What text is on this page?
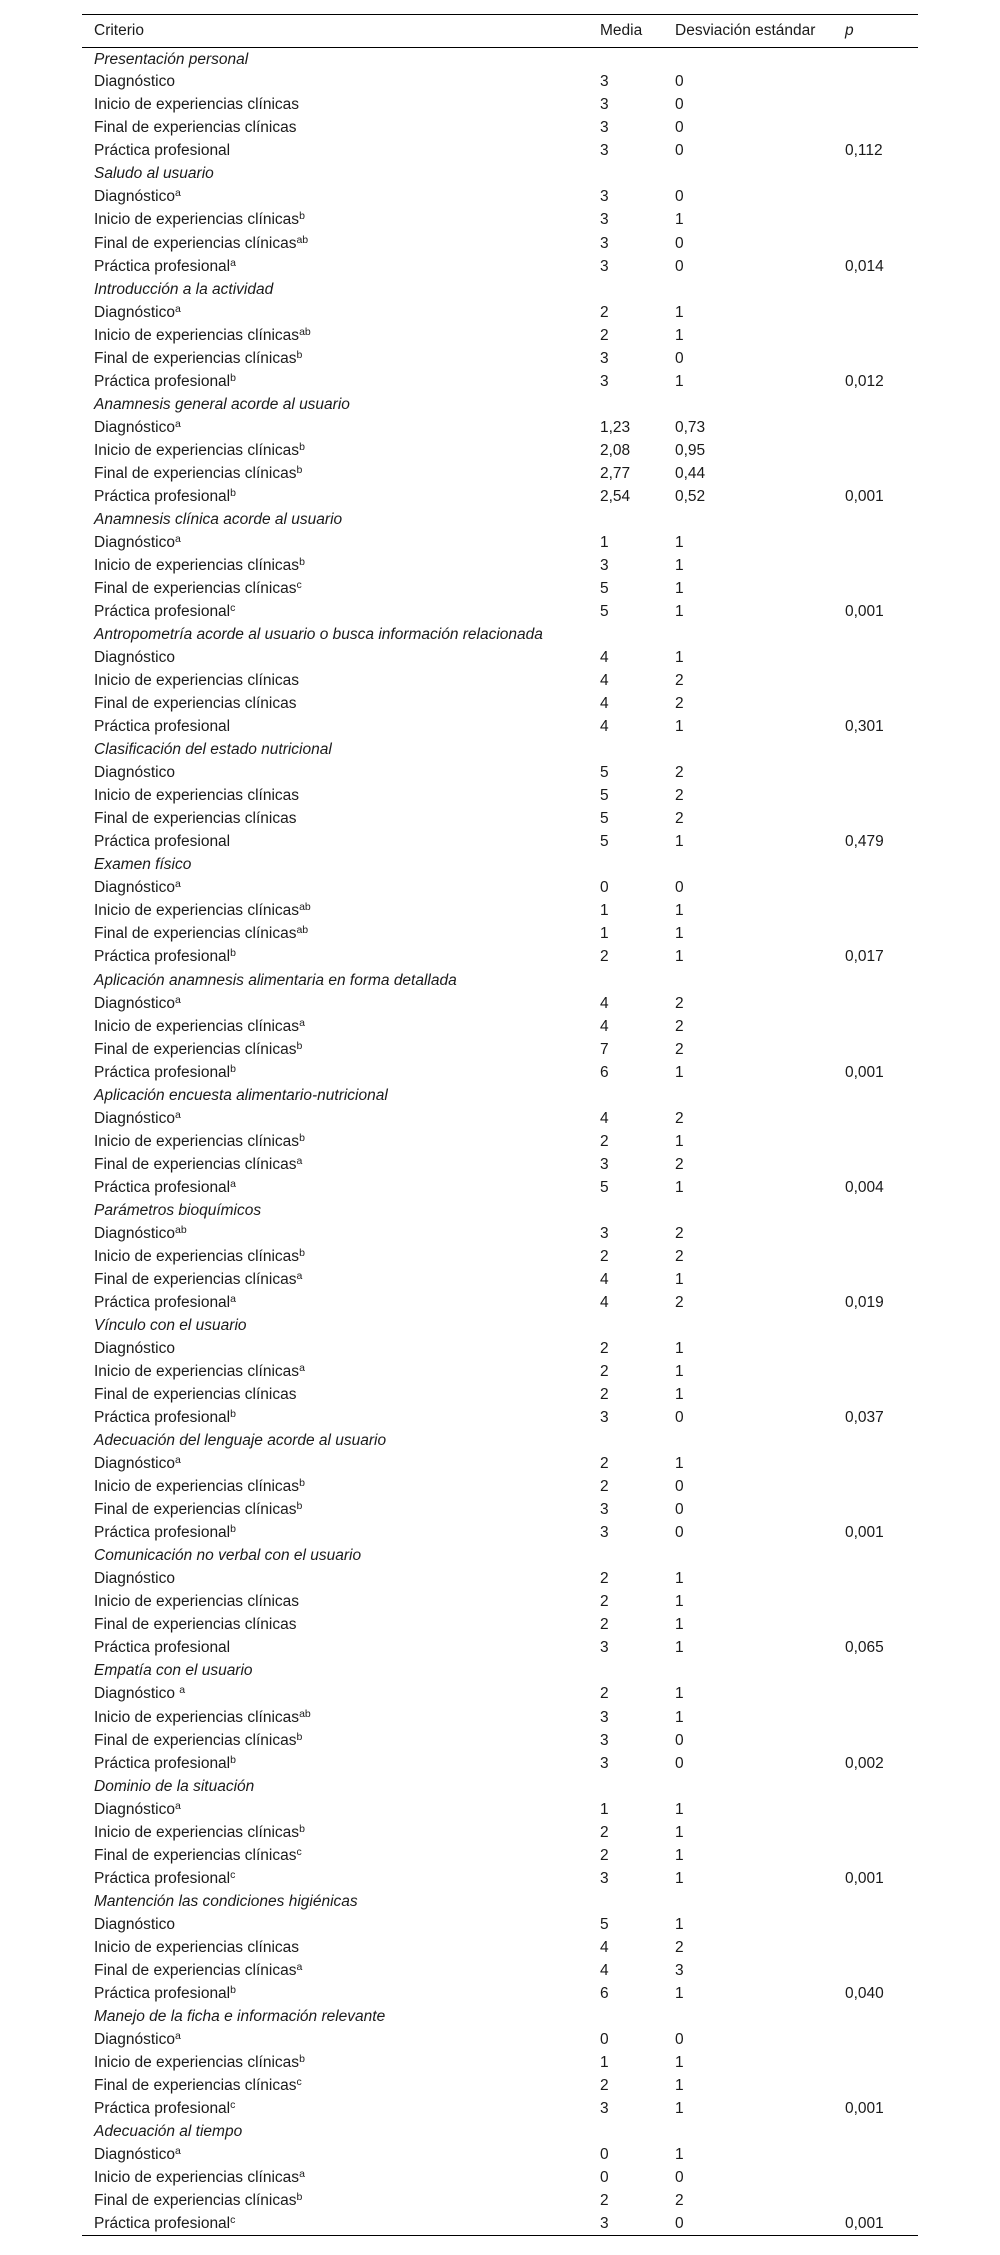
Criterio	Media	Desviación estándar	p
Presentación personal			
Diagnóstico	3	0	
Inicio de experiencias clínicas	3	0	
Final de experiencias clínicas	3	0	
Práctica profesional	3	0	0,112
Saludo al usuario			
Diagnóstico$^a$	3	0	
Inicio de experiencias clínicas$^b$	3	1	
Final de experiencias clínicas$^{ab}$	3	0	
Práctica profesional$^a$	3	0	0,014
Introducción a la actividad			
Diagnóstico$^a$	2	1	
Inicio de experiencias clínicas$^{ab}$	2	1	
Final de experiencias clínicas$^b$	3	0	
Práctica profesional$^b$	3	1	0,012
Anamnesis general acorde al usuario			
Diagnóstico$^a$	1,23	0,73	
Inicio de experiencias clínicas$^b$	2,08	0,95	
Final de experiencias clínicas$^b$	2,77	0,44	
Práctica profesional$^b$	2,54	0,52	0,001
Anamnesis clínica acorde al usuario			
Diagnóstico$^a$	1	1	
Inicio de experiencias clínicas$^b$	3	1	
Final de experiencias clínicas$^c$	5	1	
Práctica profesional$^c$	5	1	0,001
Antropometría acorde al usuario o busca información relacionada			
Diagnóstico	4	1	
Inicio de experiencias clínicas	4	2	
Final de experiencias clínicas	4	2	
Práctica profesional	4	1	0,301
Clasificación del estado nutricional			
Diagnóstico	5	2	
Inicio de experiencias clínicas	5	2	
Final de experiencias clínicas	5	2	
Práctica profesional	5	1	0,479
Examen físico			
Diagnóstico$^a$	0	0	
Inicio de experiencias clínicas$^{ab}$	1	1	
Final de experiencias clínicas$^{ab}$	1	1	
Práctica profesional$^b$	2	1	0,017
Aplicación anamnesis alimentaria en forma detallada			
Diagnóstico$^a$	4	2	
Inicio de experiencias clínicas$^a$	4	2	
Final de experiencias clínicas$^b$	7	2	
Práctica profesional$^b$	6	1	0,001
Aplicación encuesta alimentario-nutricional			
Diagnóstico$^a$	4	2	
Inicio de experiencias clínicas$^b$	2	1	
Final de experiencias clínicas$^a$	3	2	
Práctica profesional$^a$	5	1	0,004
Parámetros bioquímicos			
Diagnóstico$^{ab}$	3	2	
Inicio de experiencias clínicas$^b$	2	2	
Final de experiencias clínicas$^a$	4	1	
Práctica profesional$^a$	4	2	0,019
Vínculo con el usuario			
Diagnóstico	2	1	
Inicio de experiencias clínicas$^a$	2	1	
Final de experiencias clínicas	2	1	
Práctica profesional$^b$	3	0	0,037
Adecuación del lenguaje acorde al usuario			
Diagnóstico$^a$	2	1	
Inicio de experiencias clínicas$^b$	2	0	
Final de experiencias clínicas$^b$	3	0	
Práctica profesional$^b$	3	0	0,001
Comunicación no verbal con el usuario			
Diagnóstico	2	1	
Inicio de experiencias clínicas	2	1	
Final de experiencias clínicas	2	1	
Práctica profesional	3	1	0,065
Empatía con el usuario			
Diagnóstico $^a$	2	1	
Inicio de experiencias clínicas$^{ab}$	3	1	
Final de experiencias clínicas$^b$	3	0	
Práctica profesional$^b$	3	0	0,002
Dominio de la situación			
Diagnóstico$^a$	1	1	
Inicio de experiencias clínicas$^b$	2	1	
Final de experiencias clínicas$^c$	2	1	
Práctica profesional$^c$	3	1	0,001
Mantención las condiciones higiénicas			
Diagnóstico	5	1	
Inicio de experiencias clínicas	4	2	
Final de experiencias clínicas$^a$	4	3	
Práctica profesional$^b$	6	1	0,040
Manejo de la ficha e información relevante			
Diagnóstico$^a$	0	0	
Inicio de experiencias clínicas$^b$	1	1	
Final de experiencias clínicas$^c$	2	1	
Práctica profesional$^c$	3	1	0,001
Adecuación al tiempo			
Diagnóstico$^a$	0	1	
Inicio de experiencias clínicas$^a$	0	0	
Final de experiencias clínicas$^b$	2	2	
Práctica profesional$^c$	3	0	0,001
